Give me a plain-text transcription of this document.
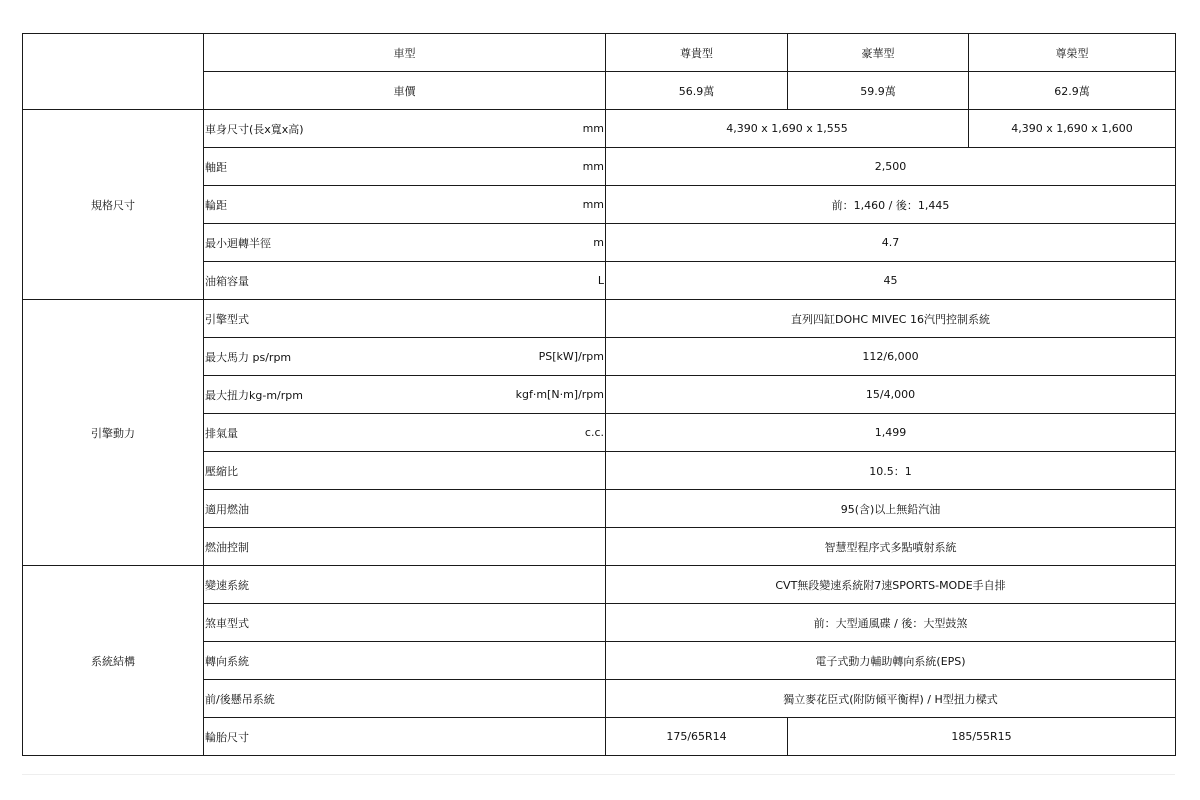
	車型		尊貴型	豪華型	尊榮型
	車價		56.9萬	59.9萬	62.9萬
規格尺寸	車身尺寸(長x寬x高)	mm	4,390 x 1,690 x 1,555		4,390 x 1,690 x 1,600
	軸距	mm	2,500		
	輪距	mm	前：1,460 / 後：1,445		
	最小迴轉半徑	m	4.7		
	油箱容量	L	45		
引擎動力	引擎型式		直列四缸DOHC MIVEC 16汽門控制系統		
	最大馬力 ps/rpm	PS[kW]/rpm	112/6,000		
	最大扭力kg-m/rpm	kgf·m[N·m]/rpm	15/4,000		
	排氣量	c.c.	1,499		
	壓縮比		10.5：1		
	適用燃油		95(含)以上無鉛汽油		
	燃油控制		智慧型程序式多點噴射系統		
系統結構	變速系統		CVT無段變速系統附7速SPORTS-MODE手自排		
	煞車型式		前：大型通風碟 / 後：大型鼓煞		
	轉向系統		電子式動力輔助轉向系統(EPS)		
	前/後懸吊系統		獨立麥花臣式(附防傾平衡桿) / H型扭力樑式		
	輪胎尺寸		175/65R14	185/55R15	
